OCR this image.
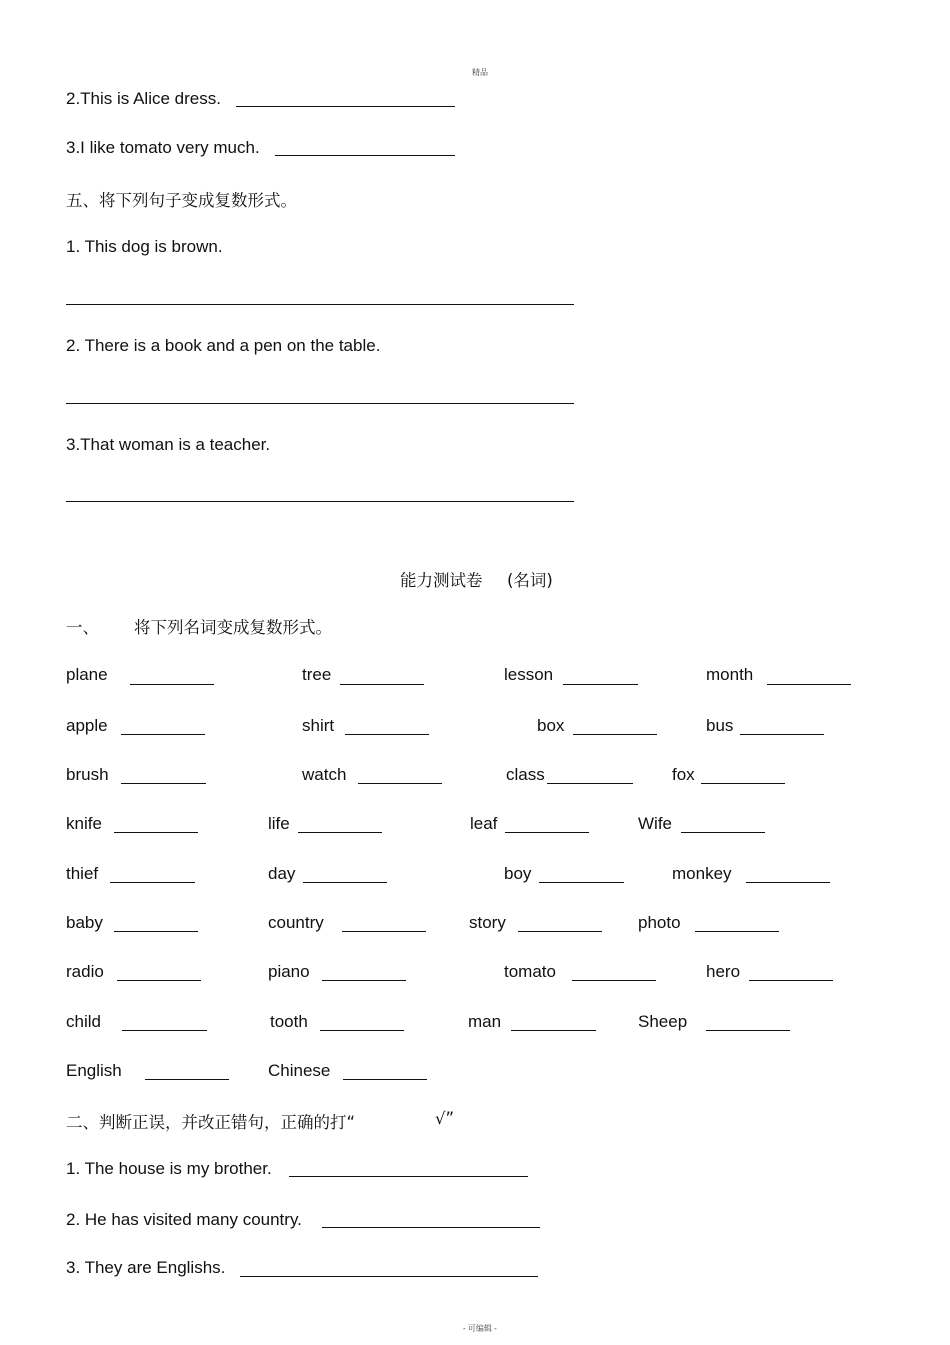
精品
- 可编辑 -
2.This is Alice dress.
3.I like tomato very much.
五、将下列句子变成复数形式。
1. This dog is brown.
2. There is a book and a pen on the table.
3.That woman is a teacher.
能力测试卷 (名词)
一、 将下列名词变成复数形式。
plane	tree	lesson	month
apple	shirt	box	bus
brush	watch	class	fox
knife	life	leaf	Wife
thief	day	boy	monkey
baby	country	story	photo
radio	piano	tomato	hero
child	tooth	man	Sheep
English	Chinese
二、判断正误，并改正错句，正确的打“	√”
1. The house is my brother.
2. He has visited many country.
3. They are Englishs.
